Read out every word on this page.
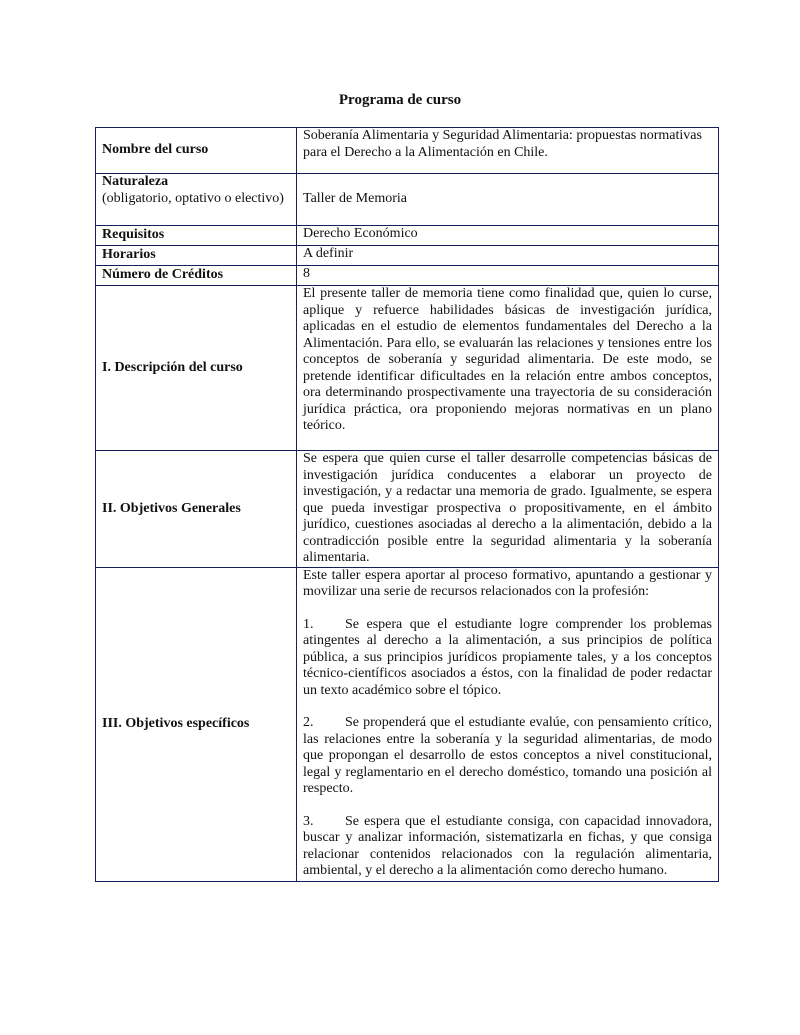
Programa de curso
Nombre del curso	Soberanía Alimentaria y Seguridad Alimentaria: propuestas normativas para el Derecho a la Alimentación en Chile.

Naturaleza
(obligatorio, optativo o electivo)	Taller de Memoria
Requisitos	Derecho Económico
Horarios	A definir
Número de Créditos	8
I. Descripción del curso	El presente taller de memoria tiene como finalidad que, quien lo curse, aplique y refuerce habilidades básicas de investigación jurídica, aplicadas en el estudio de elementos fundamentales del Derecho a la Alimentación. Para ello, se evaluarán las relaciones y tensiones entre los conceptos de soberanía y seguridad alimentaria. De este modo, se pretende identificar dificultades en la relación entre ambos conceptos, ora determinando prospectivamente una trayectoria de su consideración jurídica práctica, ora proponiendo mejoras normativas en un plano teórico.

II. Objetivos Generales	Se espera que quien curse el taller desarrolle competencias básicas de investigación jurídica conducentes a elaborar un proyecto de investigación, y a redactar una memoria de grado. Igualmente, se espera que pueda investigar prospectiva o propositivamente, en el ámbito jurídico, cuestiones asociadas al derecho a la alimentación, debido a la contradicción posible entre la seguridad alimentaria y la soberanía alimentaria.

III. Objetivos específicos	Este taller espera aportar al proceso formativo, apuntando a gestionar y movilizar una serie de recursos relacionados con la profesión:

1. Se espera que el estudiante logre comprender los problemas atingentes al derecho a la alimentación, a sus principios de política pública, a sus principios jurídicos propiamente tales, y a los conceptos técnico-científicos asociados a éstos, con la finalidad de poder redactar un texto académico sobre el tópico.

2. Se propenderá que el estudiante evalúe, con pensamiento crítico, las relaciones entre la soberanía y la seguridad alimentarias, de modo que propongan el desarrollo de estos conceptos a nivel constitucional, legal y reglamentario en el derecho doméstico, tomando una posición al respecto.

3. Se espera que el estudiante consiga, con capacidad innovadora, buscar y analizar información, sistematizarla en fichas, y que consiga relacionar contenidos relacionados con la regulación alimentaria, ambiental, y el derecho a la alimentación como derecho humano.
